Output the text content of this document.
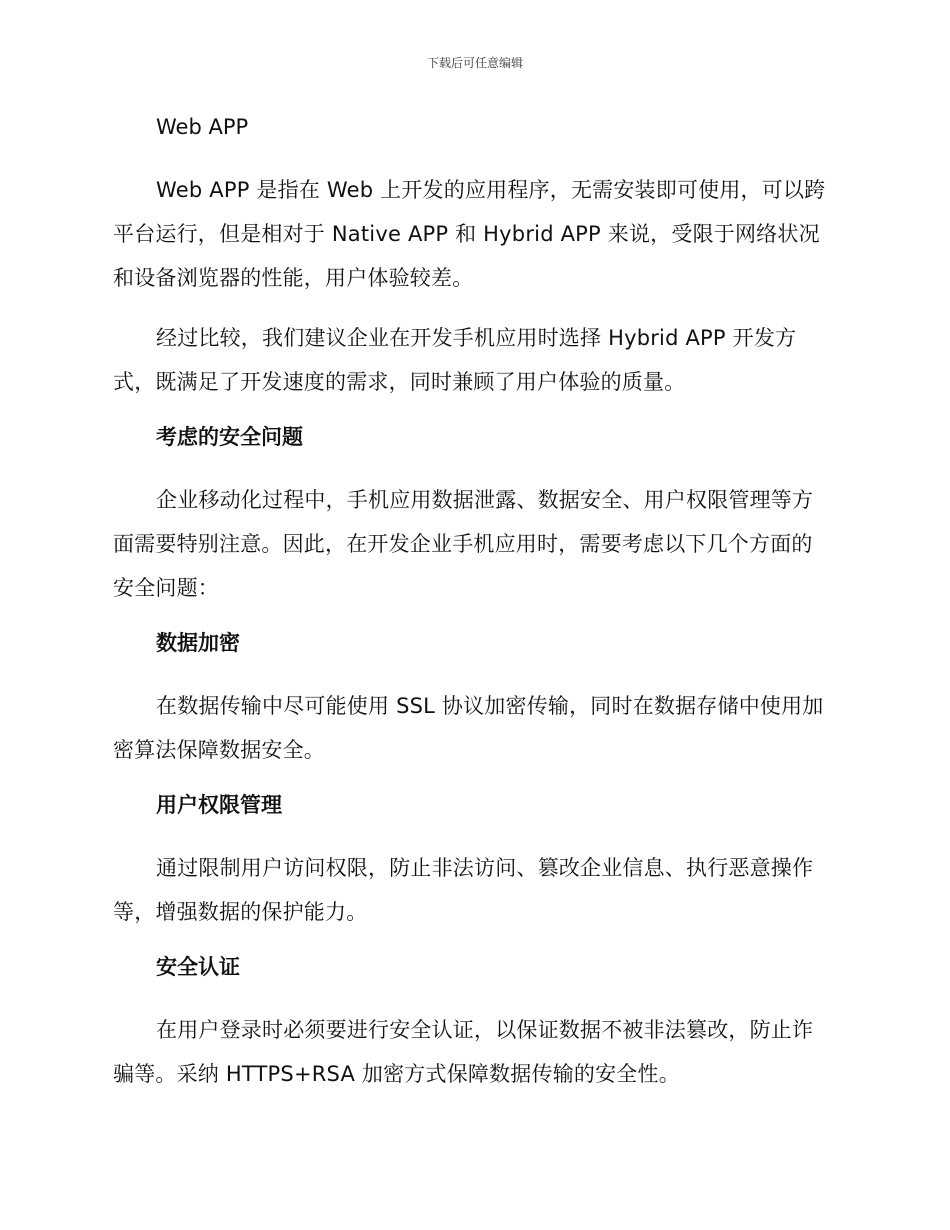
下载后可任意编辑
Web APP

Web APP 是指在 Web 上开发的应用程序，无需安装即可使用，可以跨平台运行，但是相对于 Native APP 和 Hybrid APP 来说，受限于网络状况和设备浏览器的性能，用户体验较差。

经过比较，我们建议企业在开发手机应用时选择 Hybrid APP 开发方式，既满足了开发速度的需求，同时兼顾了用户体验的质量。

考虑的安全问题

企业移动化过程中，手机应用数据泄露、数据安全、用户权限管理等方面需要特别注意。因此，在开发企业手机应用时，需要考虑以下几个方面的安全问题：

数据加密

在数据传输中尽可能使用 SSL 协议加密传输，同时在数据存储中使用加密算法保障数据安全。

用户权限管理

通过限制用户访问权限，防止非法访问、篡改企业信息、执行恶意操作等，增强数据的保护能力。

安全认证

在用户登录时必须要进行安全认证，以保证数据不被非法篡改，防止诈骗等。采纳 HTTPS+RSA 加密方式保障数据传输的安全性。
